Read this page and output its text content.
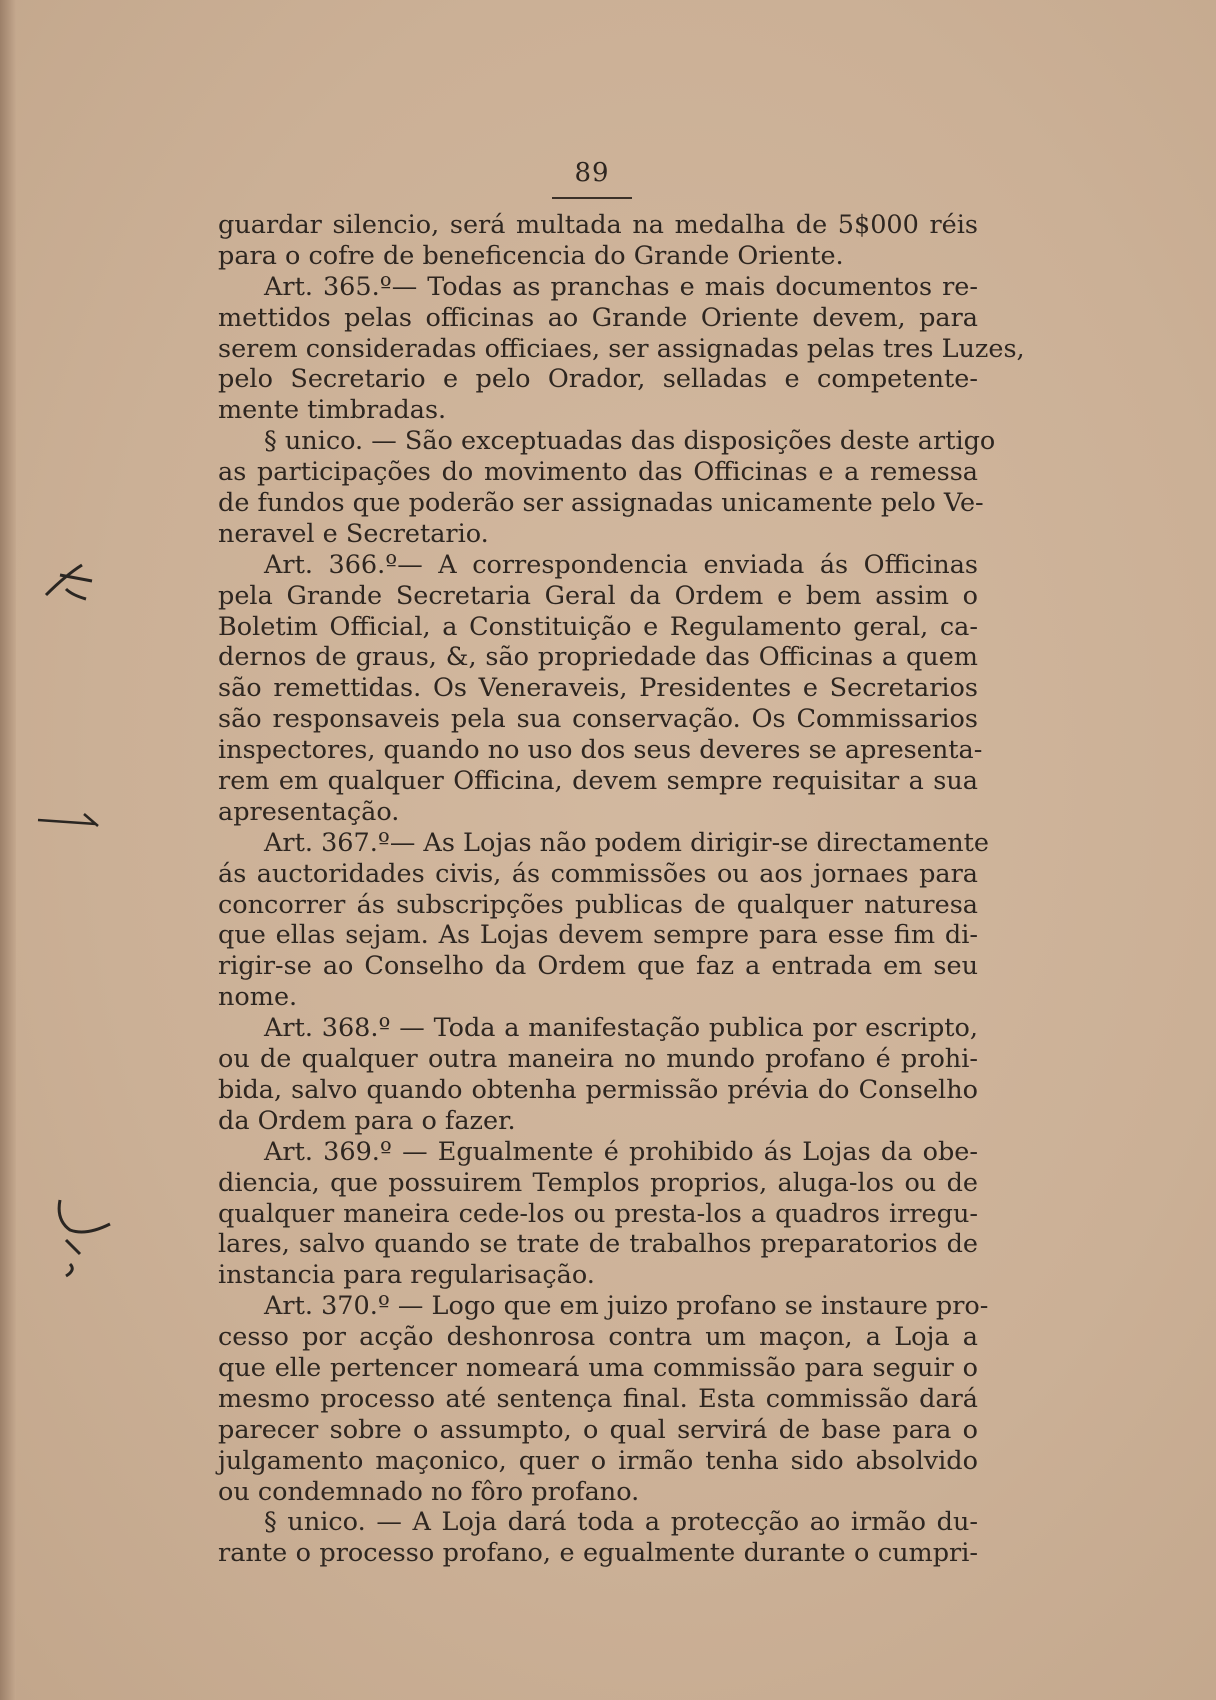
89
guardar silencio, será multada na medalha de 5$000 réis
para o cofre de beneficencia do Grande Oriente.
Art. 365.º— Todas as pranchas e mais documentos re-
mettidos pelas officinas ao Grande Oriente devem, para
serem consideradas officiaes, ser assignadas pelas tres Luzes,
pelo Secretario e pelo Orador, selladas e competente-
mente timbradas.
§ unico. — São exceptuadas das disposições deste artigo
as participações do movimento das Officinas e a remessa
de fundos que poderão ser assignadas unicamente pelo Ve-
neravel e Secretario.
Art. 366.º— A correspondencia enviada ás Officinas
pela Grande Secretaria Geral da Ordem e bem assim o
Boletim Official, a Constituição e Regulamento geral, ca-
dernos de graus, &, são propriedade das Officinas a quem
são remettidas. Os Veneraveis, Presidentes e Secretarios
são responsaveis pela sua conservação. Os Commissarios
inspectores, quando no uso dos seus deveres se apresenta-
rem em qualquer Officina, devem sempre requisitar a sua
apresentação.
Art. 367.º— As Lojas não podem dirigir-se directamente
ás auctoridades civis, ás commissões ou aos jornaes para
concorrer ás subscripções publicas de qualquer naturesa
que ellas sejam. As Lojas devem sempre para esse fim di-
rigir-se ao Conselho da Ordem que faz a entrada em seu
nome.
Art. 368.º — Toda a manifestação publica por escripto,
ou de qualquer outra maneira no mundo profano é prohi-
bida, salvo quando obtenha permissão prévia do Conselho
da Ordem para o fazer.
Art. 369.º — Egualmente é prohibido ás Lojas da obe-
diencia, que possuirem Templos proprios, aluga-los ou de
qualquer maneira cede-los ou presta-los a quadros irregu-
lares, salvo quando se trate de trabalhos preparatorios de
instancia para regularisação.
Art. 370.º — Logo que em juizo profano se instaure pro-
cesso por acção deshonrosa contra um maçon, a Loja a
que elle pertencer nomeará uma commissão para seguir o
mesmo processo até sentença final. Esta commissão dará
parecer sobre o assumpto, o qual servirá de base para o
julgamento maçonico, quer o irmão tenha sido absolvido
ou condemnado no fôro profano.
§ unico. — A Loja dará toda a protecção ao irmão du-
rante o processo profano, e egualmente durante o cumpri-
